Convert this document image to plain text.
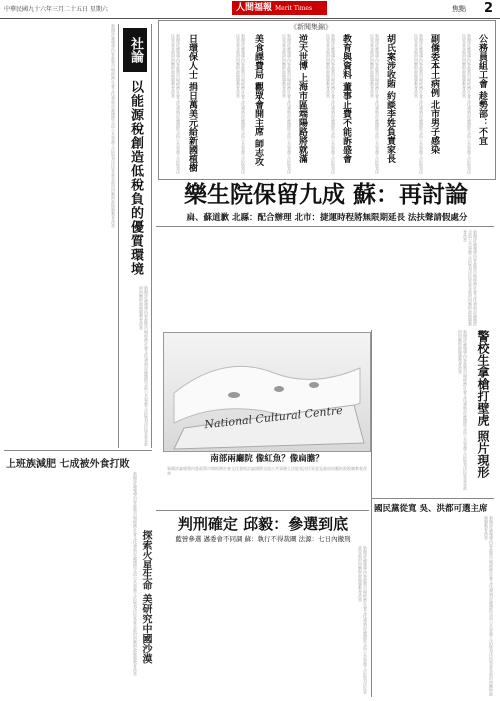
中華民國九十六年三月二十五日 星期六	人間福報 Merit Times	焦點 2
新聞評論報導內容政策市場經濟社會文化發展討論國際交流公共事務立法院表決民眾意見政府回應財政稅制教育改革
社論
以能源稅創造低稅負的優質環境
新聞評論報導內容政策市場經濟社會文化發展討論國際交流公共事務立法院表決民眾意見政府回應財政稅制教育改革
上班族減肥 七成被外食打敗
新聞評論報導內容政策市場經濟社會文化發展討論國際交流公共事務立法院表決民眾意見政府回應財政稅制教育改革
探索火星生命 美研究中國沙漠
《新聞集錦》
公務員組工會 趁勢部：不宜
新聞評論報導內容政策市場經濟社會文化發展討論國際交流公共事務立法院表決民眾意見政府回應財政稅制教育改革
副僑委本土病例 北市男子感染
新聞評論報導內容政策市場經濟社會文化發展討論國際交流公共事務立法院表決民眾意見政府回應財政稅制教育改革
胡氏案涉收賄 約談李姓負責家長
新聞評論報導內容政策市場經濟社會文化發展討論國際交流公共事務立法院表決民眾意見政府回應財政稅制教育改革
教育與資料 董事止費不能訴盛會
新聞評論報導內容政策市場經濟社會文化發展討論國際交流公共事務立法院表決民眾意見政府回應財政稅制教育改革
逆天世博 上海市區端陽路將就滿
新聞評論報導內容政策市場經濟社會文化發展討論國際交流公共事務立法院表決民眾意見政府回應財政稅制教育改革
美食課費局 觀眾會開主席 師志攻
新聞評論報導內容政策市場經濟社會文化發展討論國際交流公共事務立法院表決民眾意見政府回應財政稅制教育改革
日環保人士 捐日萬美元給新國植樹
新聞評論報導內容政策市場經濟社會文化發展討論國際交流公共事務立法院表決民眾意見政府回應財政稅制教育改革
樂生院保留九成 蘇：再討論
扁、蘇道歉 北縣：配合辦理 北市：捷運時程將無限期延長 法扶聲請假處分
新聞評論報導內容政策市場經濟社會文化發展討論國際交流公共事務立法院表決民眾意見政府回應財政稅制教育改革
警校生拿槍打壁虎 照片現形
新聞評論報導內容政策市場經濟社會文化發展討論國際交流公共事務立法院表決民眾意見政府回應財政稅制教育改革
國民黨從寬 吳、洪都可選主席
新聞評論報導內容政策市場經濟社會文化發展討論國際交流公共事務立法院表決民眾意見政府回應財政稅制教育改革
National Cultural Centre
南部兩廳院 像紅魚？像扁膽？
新聞評論報導內容政策市場經濟社會文化發展討論國際交流公共事務立法院表決民眾意見政府回應財政稅制教育改革
判刑確定 邱毅：參選到底
藍營參選 邁委會不同調 蘇：執行不得裁圖 法源：七日內撤刑
新聞評論報導內容政策市場經濟社會文化發展討論國際交流公共事務立法院表決民眾意見政府回應財政稅制教育改革
